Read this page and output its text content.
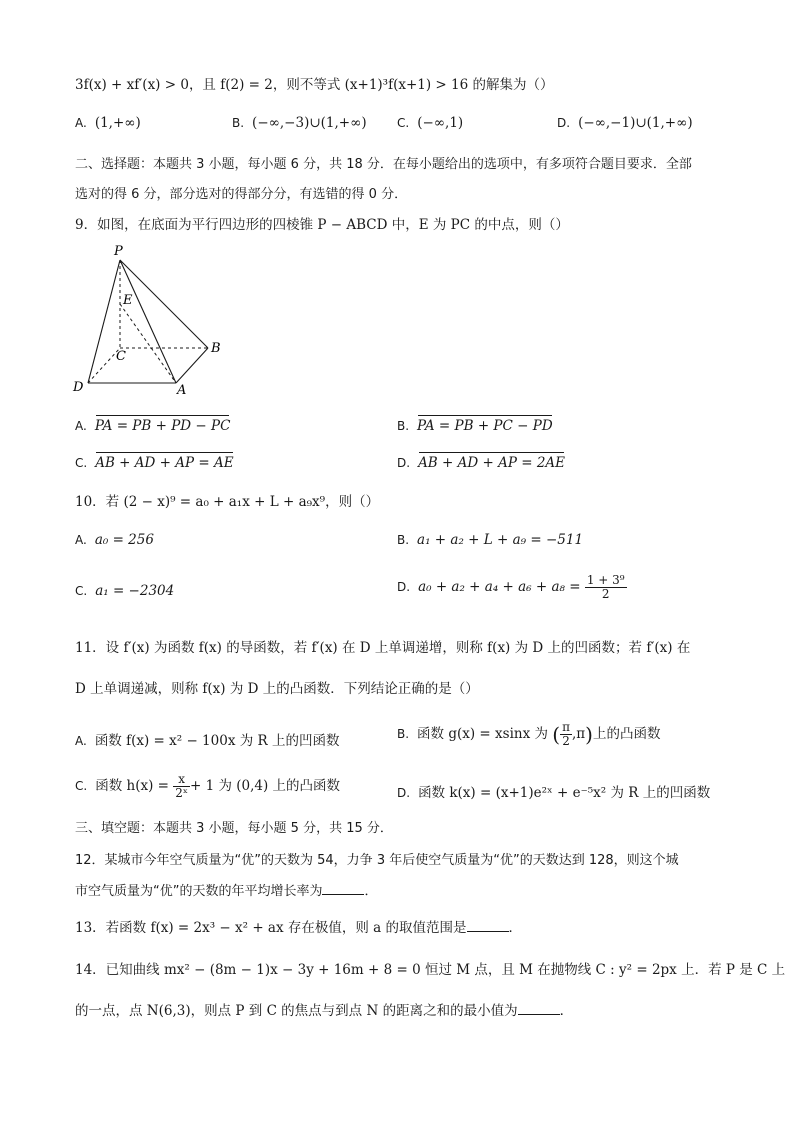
3f(x) + xf′(x) > 0，且 f(2) = 2，则不等式 (x+1)³f(x+1) > 16 的解集为（）
A. (1,+∞)	B. (−∞,−3)∪(1,+∞)	C. (−∞,1)	D. (−∞,−1)∪(1,+∞)
二、选择题：本题共 3 小题，每小题 6 分，共 18 分．在每小题给出的选项中，有多项符合题目要求．全部
选对的得 6 分，部分选对的得部分分，有选错的得 0 分．
9．如图，在底面为平行四边形的四棱锥 P − ABCD 中，E 为 PC 的中点，则（）
P
E
C
B
D	A
A. PA = PB + PD − PC	B. PA = PB + PC − PD
C. AB + AD + AP = AE	D. AB + AD + AP = 2AE
10．若 (2 − x)⁹ = a₀ + a₁x + L + a₉x⁹，则（）
A. a₀ = 256	B. a₁ + a₂ + L + a₉ = −511
C. a₁ = −2304	D. $a_0 + a_2 + a_4 + a_6 + a_8 = \frac{\text{1 + 3⁹}}{2}$
11．设 f′(x) 为函数 f(x) 的导函数，若 f′(x) 在 D 上单调递增，则称 f(x) 为 D 上的凹函数；若 f′(x) 在
D 上单调递减，则称 f(x) 为 D 上的凸函数．下列结论正确的是（）
A. 函数 f(x) = x² − 100x 为 R 上的凹函数	B. 函数 g(x) = xsinx 为 ( $\frac{\pi}{2} ,\pi$)上的凸函数
C. 函数 $h(x) = \frac{x}{\text{2ˣ}} + 1$ 为 (0,4) 上的凸函数	D. 函数 k(x) = (x+1)e²ˣ + e⁻⁵x² 为 R 上的凹函数
三、填空题：本题共 3 小题，每小题 5 分，共 15 分．
12．某城市今年空气质量为“优”的天数为 54，力争 3 年后使空气质量为“优”的天数达到 128，则这个城
市空气质量为“优”的天数的年平均增长率为	．
13．若函数 f(x) = 2x³ − x² + ax 存在极值，则 a 的取值范围是	．
14．已知曲线 mx² − (8m − 1)x − 3y + 16m + 8 = 0 恒过 M 点，且 M 在抛物线 C : y² = 2px 上．若 P 是 C 上
的一点，点 N(6,3)，则点 P 到 C 的焦点与到点 N 的距离之和的最小值为	．
